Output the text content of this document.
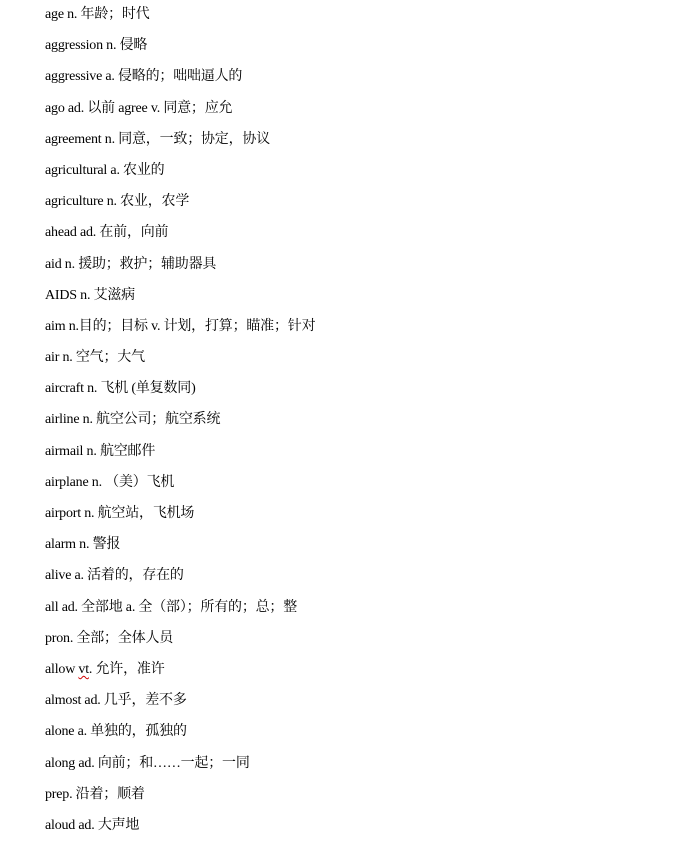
age n. 年龄；时代
aggression n. 侵略
aggressive a. 侵略的；咄咄逼人的
ago ad. 以前 agree v. 同意；应允
agreement n. 同意，一致；协定，协议
agricultural a. 农业的
agriculture n. 农业，农学
ahead ad. 在前，向前
aid n. 援助；救护；辅助器具
AIDS n. 艾滋病
aim n.目的；目标 v. 计划，打算；瞄准；针对
air n. 空气；大气
aircraft n. 飞机 (单复数同)
airline n. 航空公司；航空系统
airmail n. 航空邮件
airplane n. （美）飞机
airport n. 航空站，飞机场
alarm n. 警报
alive a. 活着的，存在的
all ad. 全部地 a. 全（部）；所有的；总；整
pron. 全部；全体人员
allow vt. 允许，准许
almost ad. 几乎，差不多
alone a. 单独的，孤独的
along ad. 向前；和……一起；一同
prep. 沿着；顺着
aloud ad. 大声地
